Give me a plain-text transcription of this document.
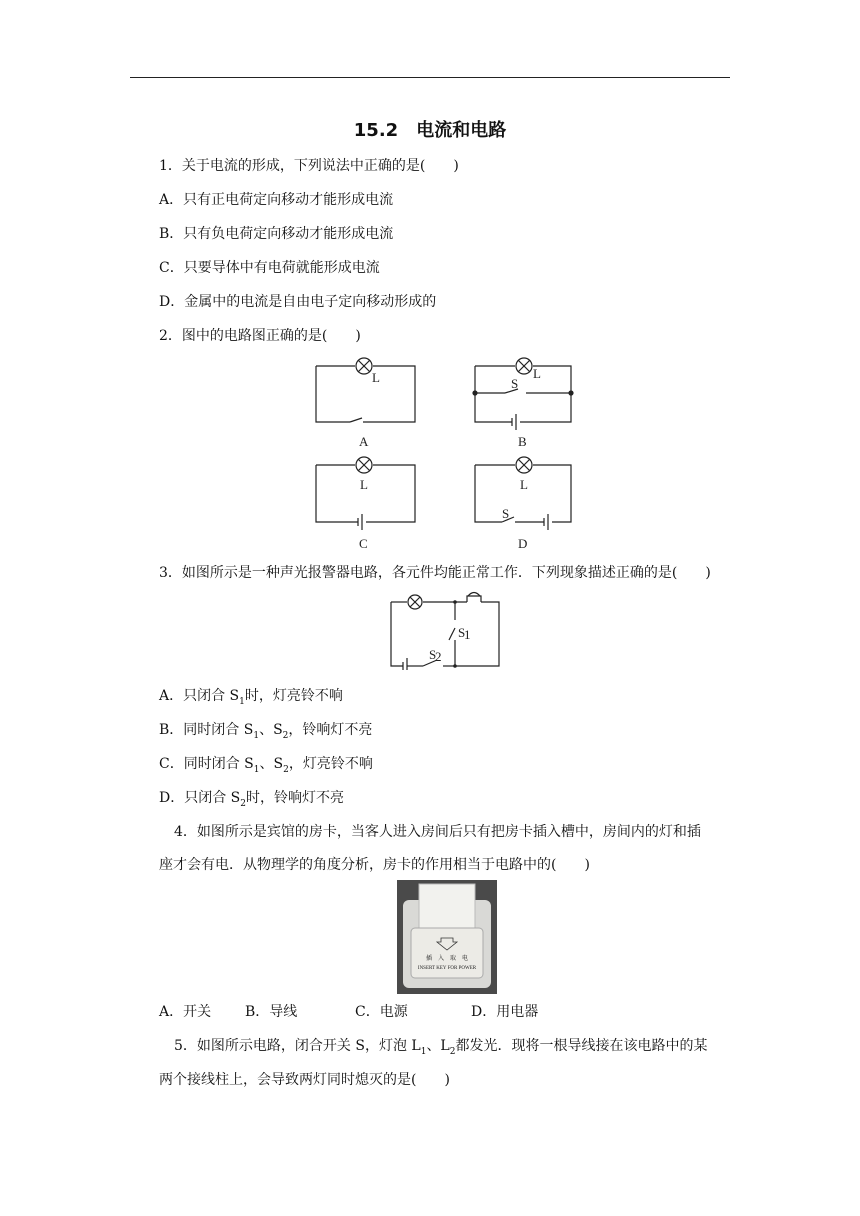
15.2　电流和电路
1．关于电流的形成，下列说法中正确的是(　　)
A．只有正电荷定向移动才能形成电流
B．只有负电荷定向移动才能形成电流
C．只要导体中有电荷就能形成电流
D．金属中的电流是自由电子定向移动形成的
2．图中的电路图正确的是(　　)
L	L
S
L	L
S
A	B
C	D
3．如图所示是一种声光报警器电路，各元件均能正常工作．下列现象描述正确的是(　　)
S
1
S
2
A．只闭合 $S_1$时，灯亮铃不响
B．同时闭合 $S_1$、$S_2$，铃响灯不亮
C．同时闭合 $S_1$、$S_2$，灯亮铃不响
D．只闭合 $S_2$时，铃响灯不亮
4．如图所示是宾馆的房卡，当客人进入房间后只有把房卡插入槽中，房间内的灯和插
座才会有电．从物理学的角度分析，房卡的作用相当于电路中的(　　)
插　入　取　电
INSERT KEY FOR POWER
A．开关 B．导线	C．电源	D．用电器
5．如图所示电路，闭合开关 S，灯泡 $L_1$、$L_2$都发光．现将一根导线接在该电路中的某
两个接线柱上，会导致两灯同时熄灭的是(　　)
